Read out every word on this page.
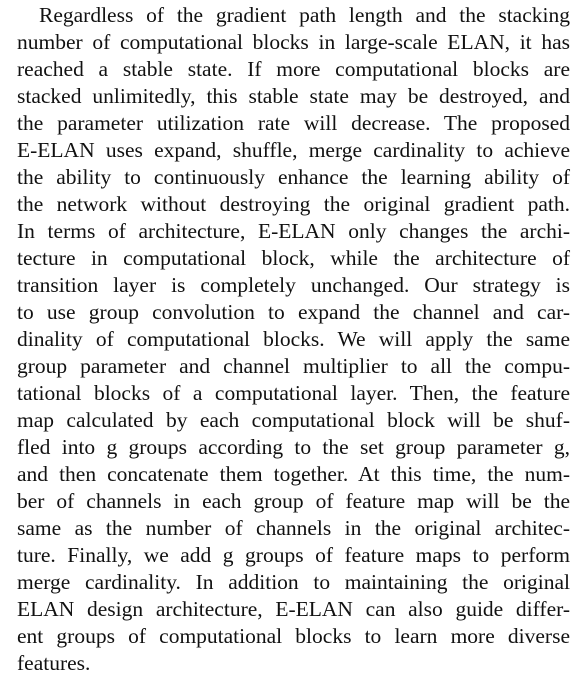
Regardless of the gradient path length and the stacking
number of computational blocks in large-scale ELAN, it has
reached a stable state. If more computational blocks are
stacked unlimitedly, this stable state may be destroyed, and
the parameter utilization rate will decrease. The proposed
E-ELAN uses expand, shuffle, merge cardinality to achieve
the ability to continuously enhance the learning ability of
the network without destroying the original gradient path.
In terms of architecture, E-ELAN only changes the archi-
tecture in computational block, while the architecture of
transition layer is completely unchanged. Our strategy is
to use group convolution to expand the channel and car-
dinality of computational blocks. We will apply the same
group parameter and channel multiplier to all the compu-
tational blocks of a computational layer. Then, the feature
map calculated by each computational block will be shuf-
fled into g groups according to the set group parameter g,
and then concatenate them together. At this time, the num-
ber of channels in each group of feature map will be the
same as the number of channels in the original architec-
ture. Finally, we add g groups of feature maps to perform
merge cardinality. In addition to maintaining the original
ELAN design architecture, E-ELAN can also guide differ-
ent groups of computational blocks to learn more diverse
features.
